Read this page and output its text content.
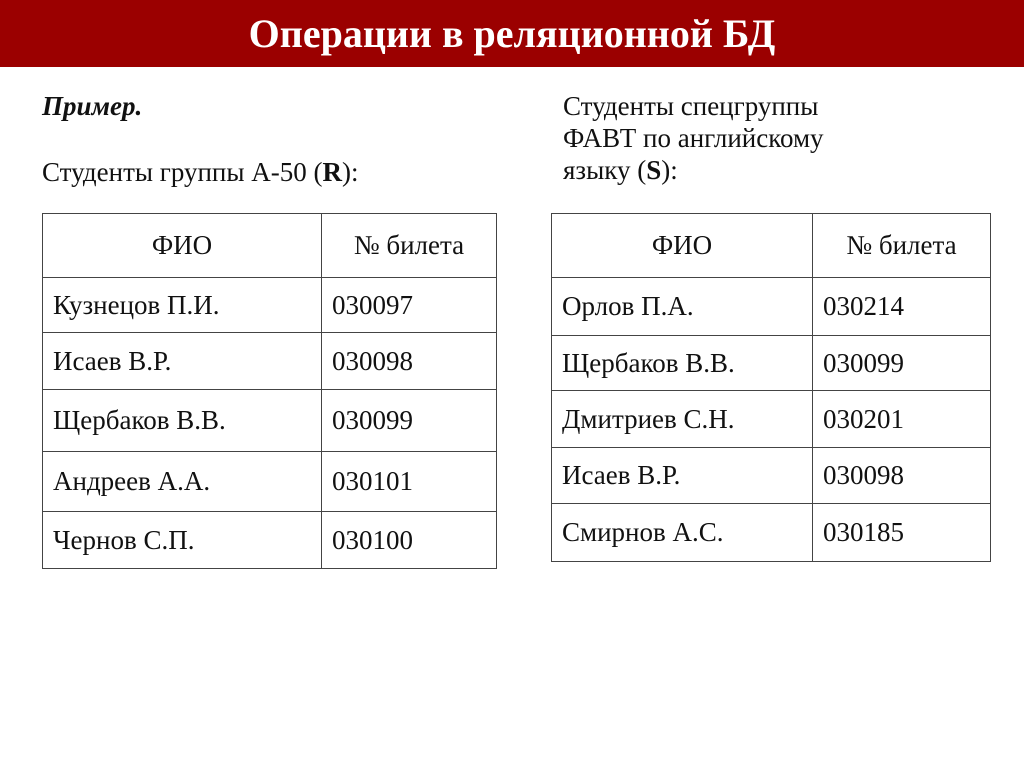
Операции в реляционной БД
Пример.
Студенты группы А-50 (R):
Студенты спецгруппы
ФАВТ по английскому
языку (S):
ФИО	№ билета
Кузнецов П.И.	030097
Исаев В.Р.	030098
Щербаков В.В.	030099
Андреев А.А.	030101
Чернов С.П.	030100
ФИО	№ билета
Орлов П.А.	030214
Щербаков В.В.	030099
Дмитриев С.Н.	030201
Исаев В.Р.	030098
Смирнов А.С.	030185
